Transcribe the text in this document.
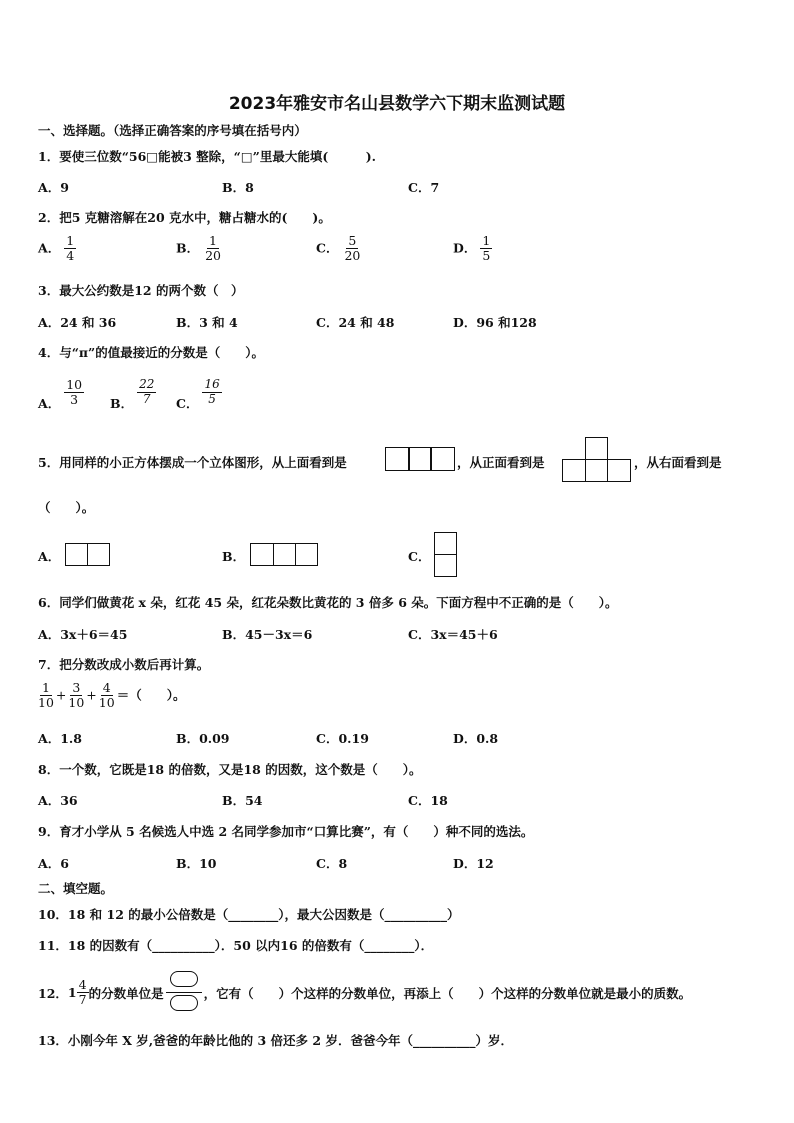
2023年雅安市名山县数学六下期末监测试题
一、选择题。（选择正确答案的序号填在括号内）
1．要使三位数“56□能被3 整除，“□”里最大能填(　　　).
A．9	B．8	C．7
2．把5 克糖溶解在20 克水中，糖占糖水的(　　)。
A． $\frac{1}{4}$	B． $\frac{1}{20}$	C． $\frac{5}{20}$	D． $\frac{1}{5}$
3．最大公约数是12 的两个数（　）
A．24 和 36	B．3 和 4	C．24 和 48	D．96 和128
4．与“π”的值最接近的分数是（　　）。
A． $\frac{10}{3}$ B． $\frac{22}{7}$ C． $\frac{16}{5}$
5．用同样的小正方体摆成一个立体图形，从上面看到是	，从正面看到是	，从右面看到是
（　　）。
A．	B．	C．
6．同学们做黄花 x 朵，红花 45 朵，红花朵数比黄花的 3 倍多 6 朵。下面方程中不正确的是（　　）。
A．3x＋6＝45	B．45－3x＝6	C．3x＝45＋6
7．把分数改成小数后再计算。
$\frac{1}{10} + \frac{3}{10} + \frac{4}{10}$ ＝（　　）。
A．1.8	B．0.09	C．0.19	D．0.8
8．一个数，它既是18 的倍数，又是18 的因数，这个数是（　　）。
A．36	B．54	C．18
9．育才小学从 5 名候选人中选 2 名同学参加市“口算比赛”，有（　　）种不同的选法。
A．6	B．10	C．8	D．12
二、填空题。
10．18 和 12 的最小公倍数是（________），最大公因数是（__________）
11．18 的因数有（__________）．50 以内16 的倍数有（________）．
12． $1 \frac{4}{7}$ 的分数单位是	，它有（　　）个这样的分数单位，再添上（　　）个这样的分数单位就是最小的质数。
13．小刚今年 X 岁,爸爸的年龄比他的 3 倍还多 2 岁．爸爸今年（__________）岁．
